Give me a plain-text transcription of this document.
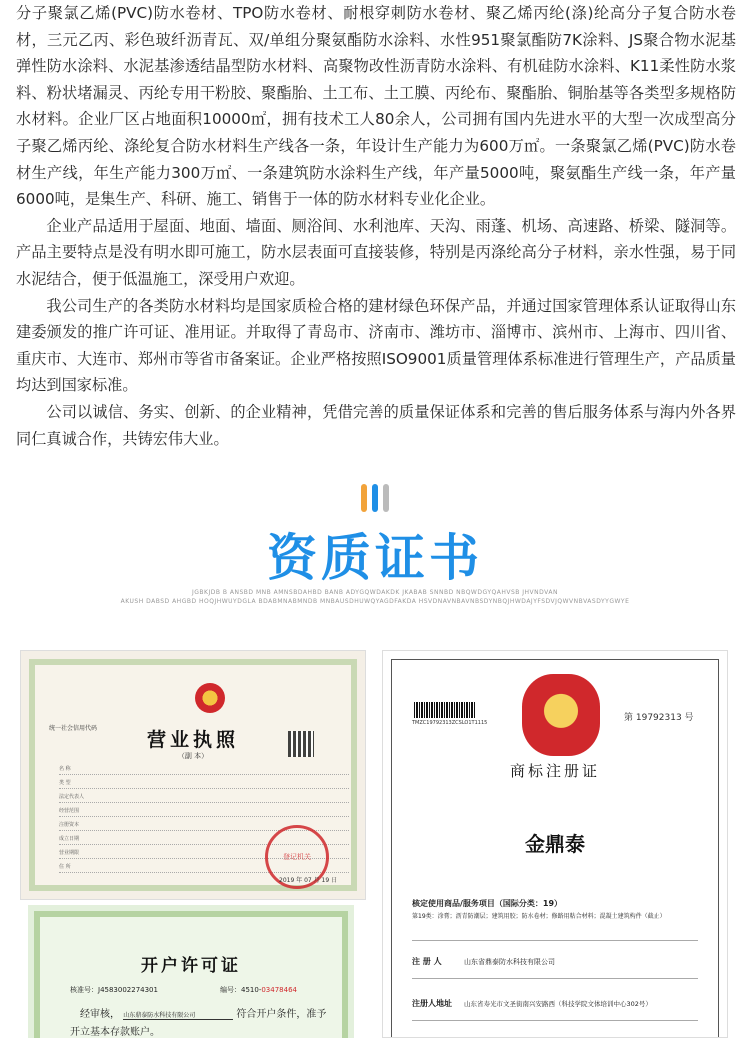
分子聚氯乙烯(PVC)防水卷材、TPO防水卷材、耐根穿刺防水卷材、聚乙烯丙纶(涤)纶高分子复合防水卷材，三元乙丙、彩色玻纤沥青瓦、双/单组分聚氨酯防水涂料、水性951聚氯酯防7K涂料、JS聚合物水泥基弹性防水涂料、水泥基渗透结晶型防水材料、高聚物改性沥青防水涂料、有机硅防水涂料、K11柔性防水浆料、粉状堵漏灵、丙纶专用干粉胶、聚酯胎、土工布、土工膜、丙纶布、聚酯胎、铜胎基等各类型多规格防水材料。企业厂区占地面积10000㎡，拥有技术工人80余人，公司拥有国内先进水平的大型一次成型高分子聚乙烯丙纶、涤纶复合防水材料生产线各一条，年设计生产能力为600万㎡。一条聚氯乙烯(PVC)防水卷材生产线，年生产能力300万㎡、一条建筑防水涂料生产线，年产量5000吨，聚氨酯生产线一条，年产量6000吨，是集生产、科研、施工、销售于一体的防水材料专业化企业。

企业产品适用于屋面、地面、墙面、厕浴间、水利池库、天沟、雨蓬、机场、高速路、桥梁、隧洞等。产品主要特点是没有明水即可施工，防水层表面可直接装修，特别是丙涤纶高分子材料，亲水性强，易于同水泥结合，便于低温施工，深受用户欢迎。

我公司生产的各类防水材料均是国家质检合格的建材绿色环保产品，并通过国家管理体系认证取得山东建委颁发的推广许可证、准用证。并取得了青岛市、济南市、潍坊市、淄博市、滨州市、上海市、四川省、重庆市、大连市、郑州市等省市备案证。企业严格按照ISO9001质量管理体系标准进行管理生产，产品质量均达到国家标准。

公司以诚信、务实、创新、的企业精神，凭借完善的质量保证体系和完善的售后服务体系与海内外各界同仁真诚合作，共铸宏伟大业。

资质证书
JGBKJDB B ANSBD MNB AMNSBDAHBD BANB ADYGQWDAKDK JKABAB SNNBD NBQWDGYQAHVSB JHVNDVAN
AKUSH DABSD AHGBD HOQJHWUYDGLA BDABMNABMNDB MNBAUSDHUWQYAGDFAKDA HSVDNAVNBAVNBSDYNBQJHWDAJYFSDVJQWVNBVASDYYGWYE
统一社会信用代码
营业执照
（副 本）
名 称
类 型
法定代表人
经营范围
注册资本
成立日期
营业期限
住 所
登记机关
2019 年 07 月 19 日
开户许可证
核准号：J4583002274301	编号：4510-03478464
经审核， 山东鼎泰防水科技有限公司	符合开户条件，准予
开立基本存款账户。
TMZC19792313ZCSLO1T1115	第 19792313 号
商标注册证
金鼎泰
核定使用商品/服务项目（国际分类：19）
第19类：涂膏；沥青防潮层；建筑用胶；防水卷材；修路用粘合材料；混凝土建筑构件（截止）
注 册 人	山东省鼎泰防水科技有限公司
注册人地址 山东省寿光市文圣街南兴安路西（科技学院文体培训中心302号）
